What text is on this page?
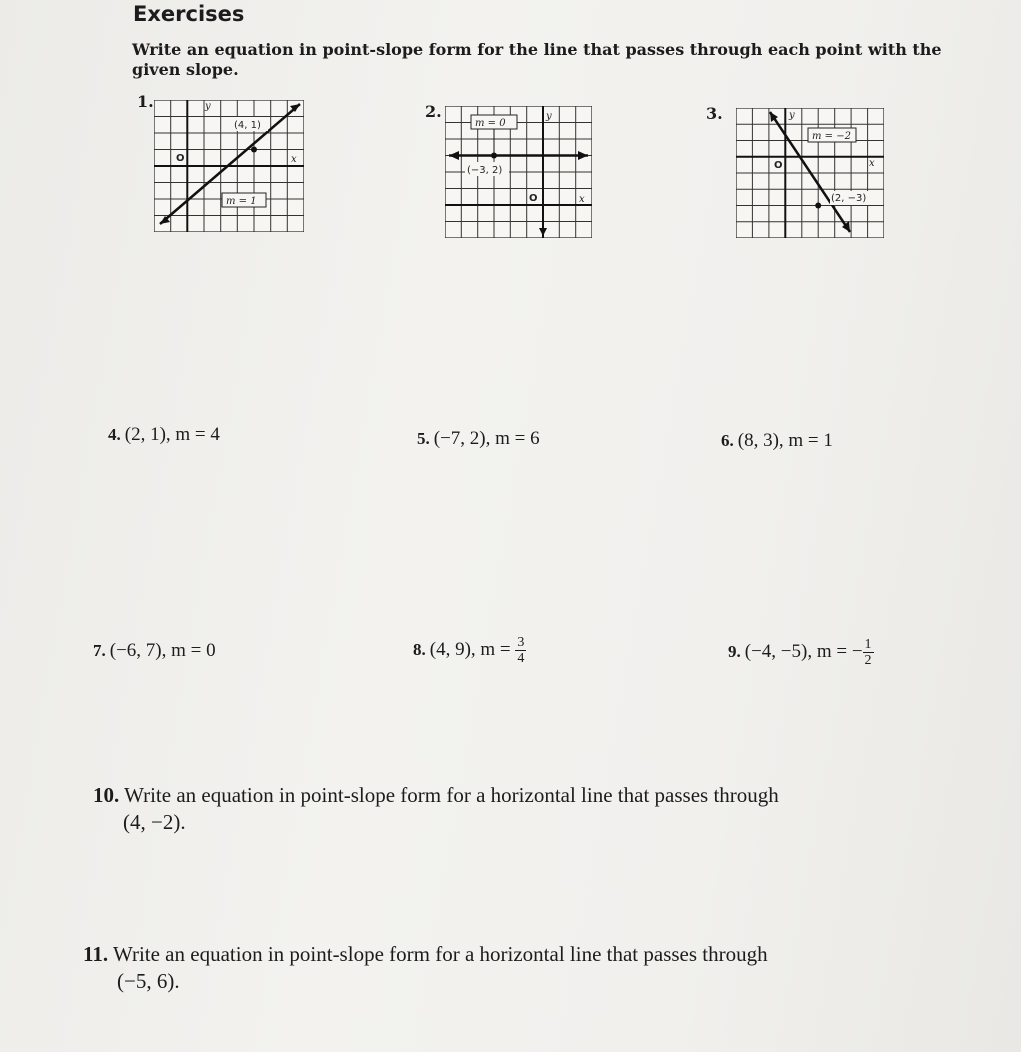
Exercises
Write an equation in point-slope form for the line that passes through each point with the given slope.
1.
(4, 1)
m = 1
y
x
O
2.
m = 0
(−3, 2)
y
x
O
3.
m = −2
(2, −3)
y
x
O
4. (2, 1), m = 4	5. (−7, 2), m = 6	6. (8, 3), m = 1
7. (−6, 7), m = 0	8. (4, 9), $m = \frac{3}{4}$	9. (−4, −5), m = − $\frac{1}{2}$
10. Write an equation in point-slope form for a horizontal line that passes through
(4, −2).
11. Write an equation in point-slope form for a horizontal line that passes through
(−5, 6).
